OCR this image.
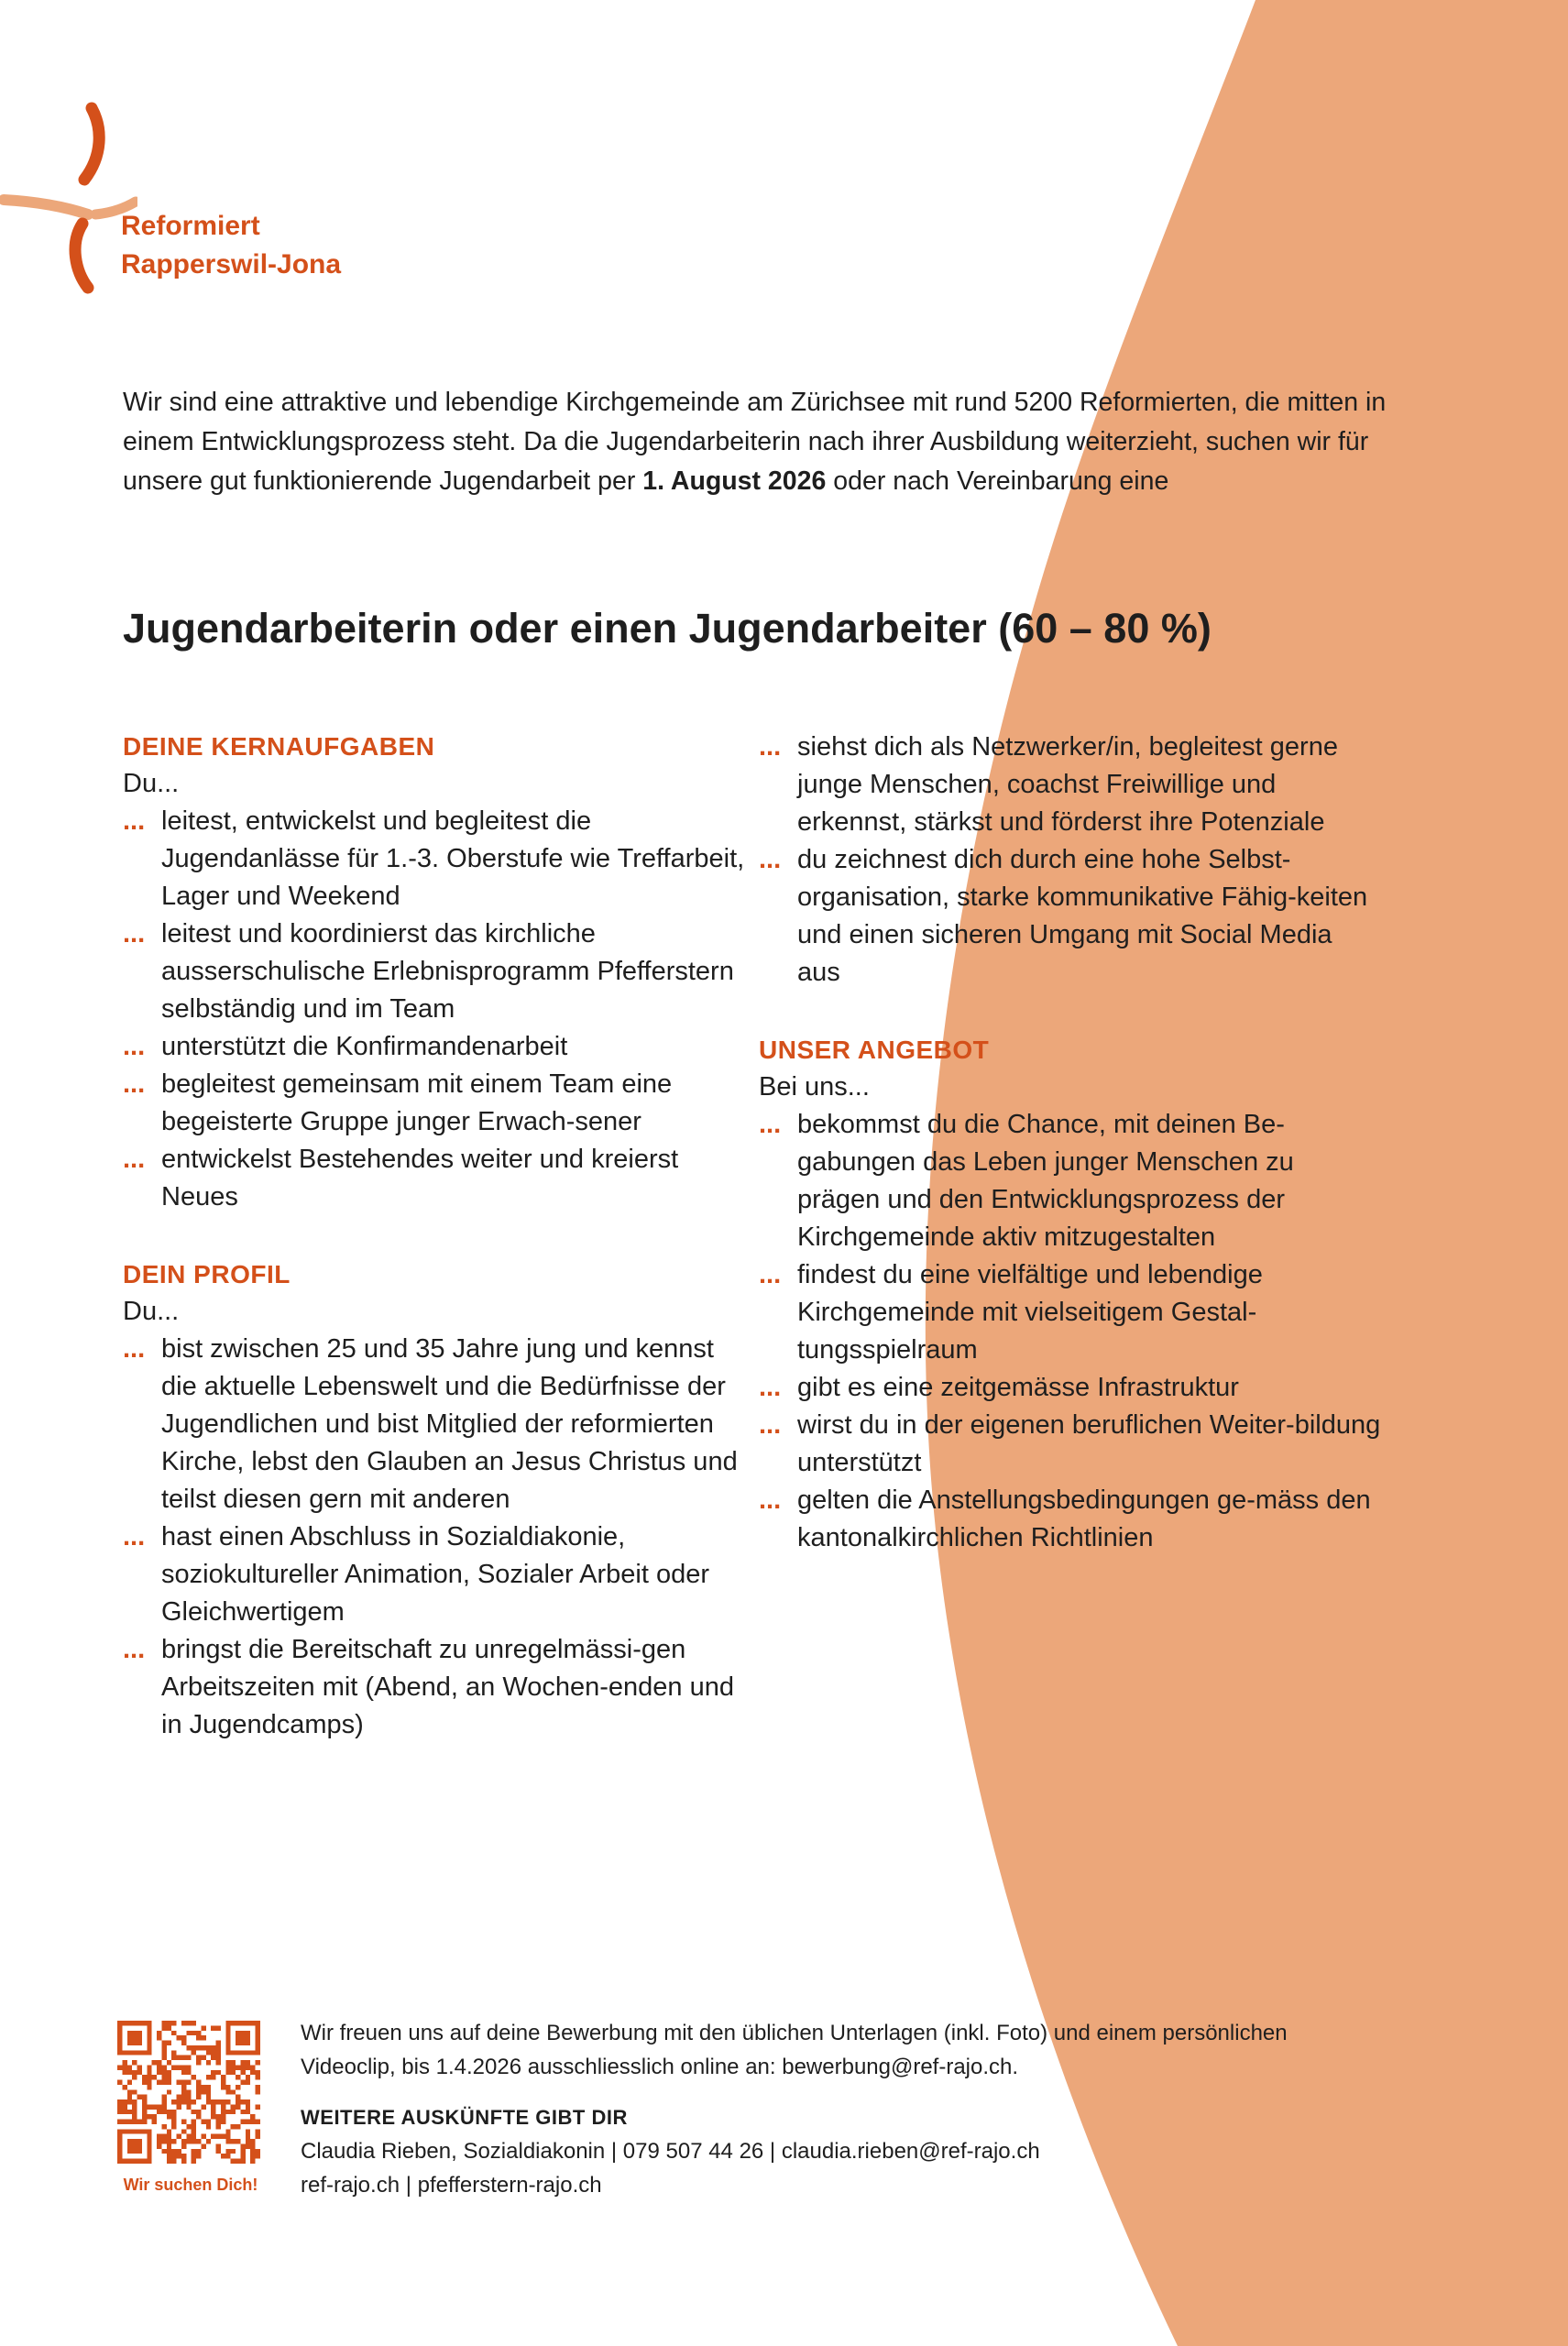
Reformiert
Rapperswil-Jona

Wir sind eine attraktive und lebendige Kirchgemeinde am Zürichsee mit rund 5200 Reformierten, die mitten in einem Entwicklungsprozess steht. Da die Jugendarbeiterin nach ihrer Ausbildung weiterzieht, suchen wir für unsere gut funktionierende Jugendarbeit per 1. August 2026 oder nach Vereinbarung eine

Jugendarbeiterin oder einen Jugendarbeiter (60 – 80 %)
DEINE KERNAUFGABEN
Du...
... leitest, entwickelst und begleitest die Jugendanlässe für 1.-3. Oberstufe wie Treffarbeit, Lager und Weekend
... leitest und koordinierst das kirchliche ausserschulische Erlebnisprogramm Pfefferstern selbständig und im Team
... unterstützt die Konfirmandenarbeit
... begleitest gemeinsam mit einem Team eine begeisterte Gruppe junger Erwach-sener
... entwickelst Bestehendes weiter und kreierst Neues
DEIN PROFIL
Du...
... bist zwischen 25 und 35 Jahre jung und kennst die aktuelle Lebenswelt und die Bedürfnisse der Jugendlichen und bist Mitglied der reformierten Kirche, lebst den Glauben an Jesus Christus und teilst diesen gern mit anderen
... hast einen Abschluss in Sozialdiakonie, soziokultureller Animation, Sozialer Arbeit oder Gleichwertigem
... bringst die Bereitschaft zu unregelmässi-gen Arbeitszeiten mit (Abend, an Wochen-enden und in Jugendcamps)
... siehst dich als Netzwerker/in, begleitest gerne junge Menschen, coachst Freiwillige und erkennst, stärkst und förderst ihre Potenziale
... du zeichnest dich durch eine hohe Selbst-organisation, starke kommunikative Fähig-keiten und einen sicheren Umgang mit Social Media aus
UNSER ANGEBOT
Bei uns...
... bekommst du die Chance, mit deinen Be-gabungen das Leben junger Menschen zu prägen und den Entwicklungsprozess der Kirchgemeinde aktiv mitzugestalten
... findest du eine vielfältige und lebendige Kirchgemeinde mit vielseitigem Gestal-tungsspielraum
... gibt es eine zeitgemässe Infrastruktur
... wirst du in der eigenen beruflichen Weiter-bildung unterstützt
... gelten die Anstellungsbedingungen ge-mäss den kantonalkirchlichen Richtlinien
Wir suchen Dich!

Wir freuen uns auf deine Bewerbung mit den üblichen Unterlagen (inkl. Foto) und einem persönlichen Videoclip, bis 1.4.2026 ausschliesslich online an: bewerbung@ref-rajo.ch.

WEITERE AUSKÜNFTE GIBT DIR

Claudia Rieben, Sozialdiakonin | 079 507 44 26 | claudia.rieben@ref-rajo.ch

ref-rajo.ch | pfefferstern-rajo.ch
